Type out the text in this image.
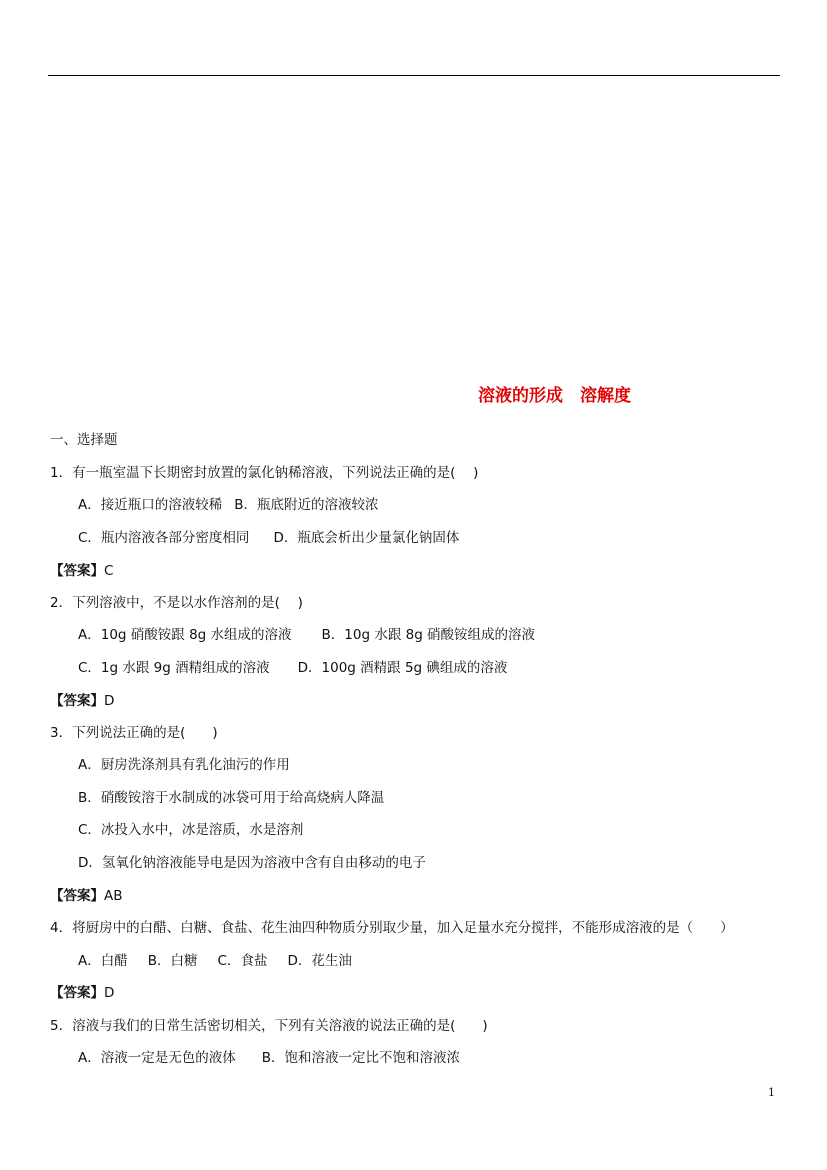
溶液的形成　溶解度
一、选择题
1．有一瓶室温下长期密封放置的氯化钠稀溶液，下列说法正确的是(　 )
A．接近瓶口的溶液较稀 B．瓶底附近的溶液较浓
C．瓶内溶液各部分密度相同 D．瓶底会析出少量氯化钠固体
【答案】C
2．下列溶液中，不是以水作溶剂的是(　 )
A．10g 硝酸铵跟 8g 水组成的溶液 B．10g 水跟 8g 硝酸铵组成的溶液
C．1g 水跟 9g 酒精组成的溶液 D．100g 酒精跟 5g 碘组成的溶液
【答案】D
3．下列说法正确的是(　　)
A．厨房洗涤剂具有乳化油污的作用
B．硝酸铵溶于水制成的冰袋可用于给高烧病人降温
C．冰投入水中，冰是溶质，水是溶剂
D．氢氧化钠溶液能导电是因为溶液中含有自由移动的电子
【答案】AB
4．将厨房中的白醋、白糖、食盐、花生油四种物质分别取少量，加入足量水充分搅拌，不能形成溶液的是（　　）
A．白醋 B．白糖 C．食盐 D．花生油
【答案】D
5．溶液与我们的日常生活密切相关，下列有关溶液的说法正确的是(　　)
A．溶液一定是无色的液体 B．饱和溶液一定比不饱和溶液浓
1
